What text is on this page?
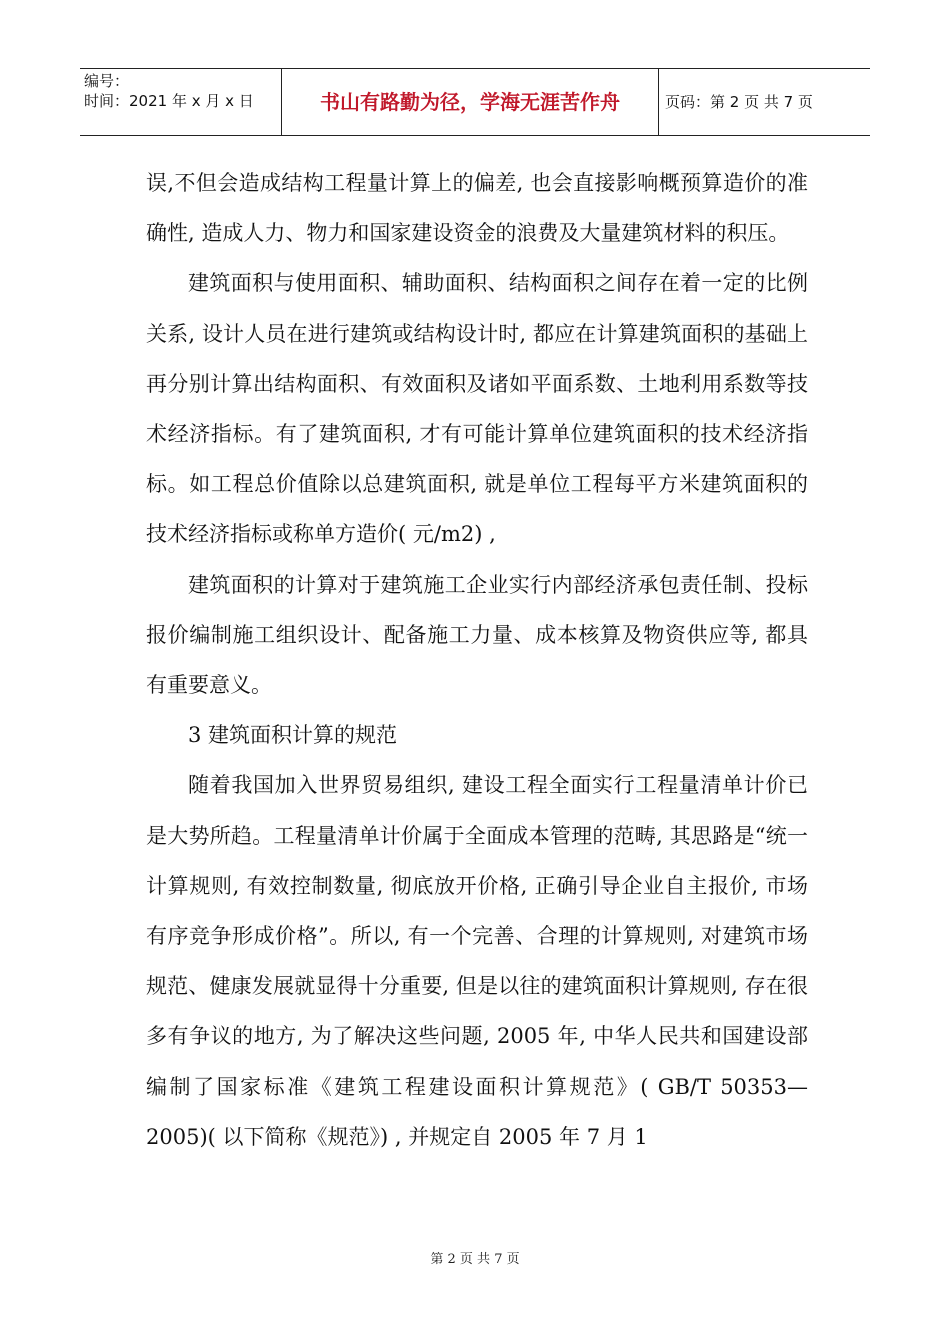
编号：
时间：2021 年 x 月 x 日	书山有路勤为径，学海无涯苦作舟	页码：第 2 页 共 7 页

误,不但会造成结构工程量计算上的偏差, 也会直接影响概预算造价的准确性, 造成人力、物力和国家建设资金的浪费及大量建筑材料的积压。

建筑面积与使用面积、辅助面积、结构面积之间存在着一定的比例关系, 设计人员在进行建筑或结构设计时, 都应在计算建筑面积的基础上再分别计算出结构面积、有效面积及诸如平面系数、土地利用系数等技术经济指标。有了建筑面积, 才有可能计算单位建筑面积的技术经济指标。如工程总价值除以总建筑面积, 就是单位工程每平方米建筑面积的技术经济指标或称单方造价( 元/m2) ,

建筑面积的计算对于建筑施工企业实行内部经济承包责任制、投标报价编制施工组织设计、配备施工力量、成本核算及物资供应等, 都具有重要意义。

3 建筑面积计算的规范

随着我国加入世界贸易组织, 建设工程全面实行工程量清单计价已是大势所趋。工程量清单计价属于全面成本管理的范畴, 其思路是“统一计算规则, 有效控制数量, 彻底放开价格, 正确引导企业自主报价, 市场有序竞争形成价格”。所以, 有一个完善、合理的计算规则, 对建筑市场规范、健康发展就显得十分重要, 但是以往的建筑面积计算规则, 存在很多有争议的地方, 为了解决这些问题, 2005 年, 中华人民共和国建设部编制了国家标准《建筑工程建设面积计算规范》( GB/T 50353—2005)( 以下简称《规范》) , 并规定自 2005 年 7 月 1

第 2 页 共 7 页
